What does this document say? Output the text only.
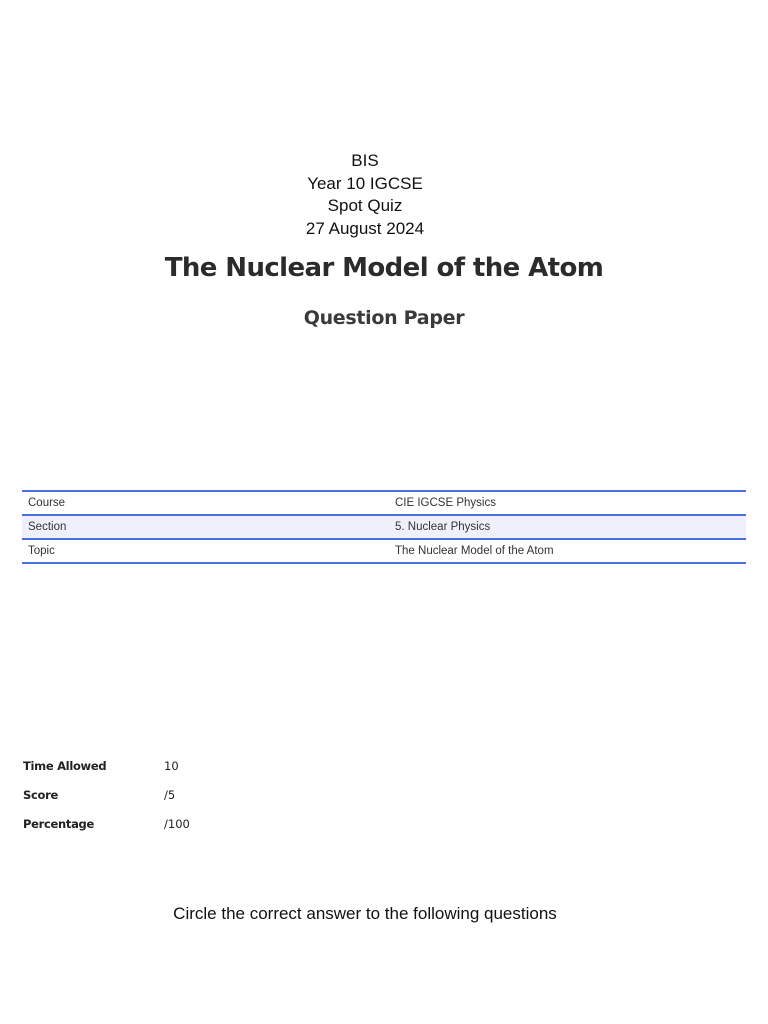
BIS
Year 10 IGCSE
Spot Quiz
27 August 2024
The Nuclear Model of the Atom
Question Paper
Course	CIE IGCSE Physics
Section	5. Nuclear Physics
Topic	The Nuclear Model of the Atom
Time Allowed	10
Score	/5
Percentage	/100
Circle the correct answer to the following questions
